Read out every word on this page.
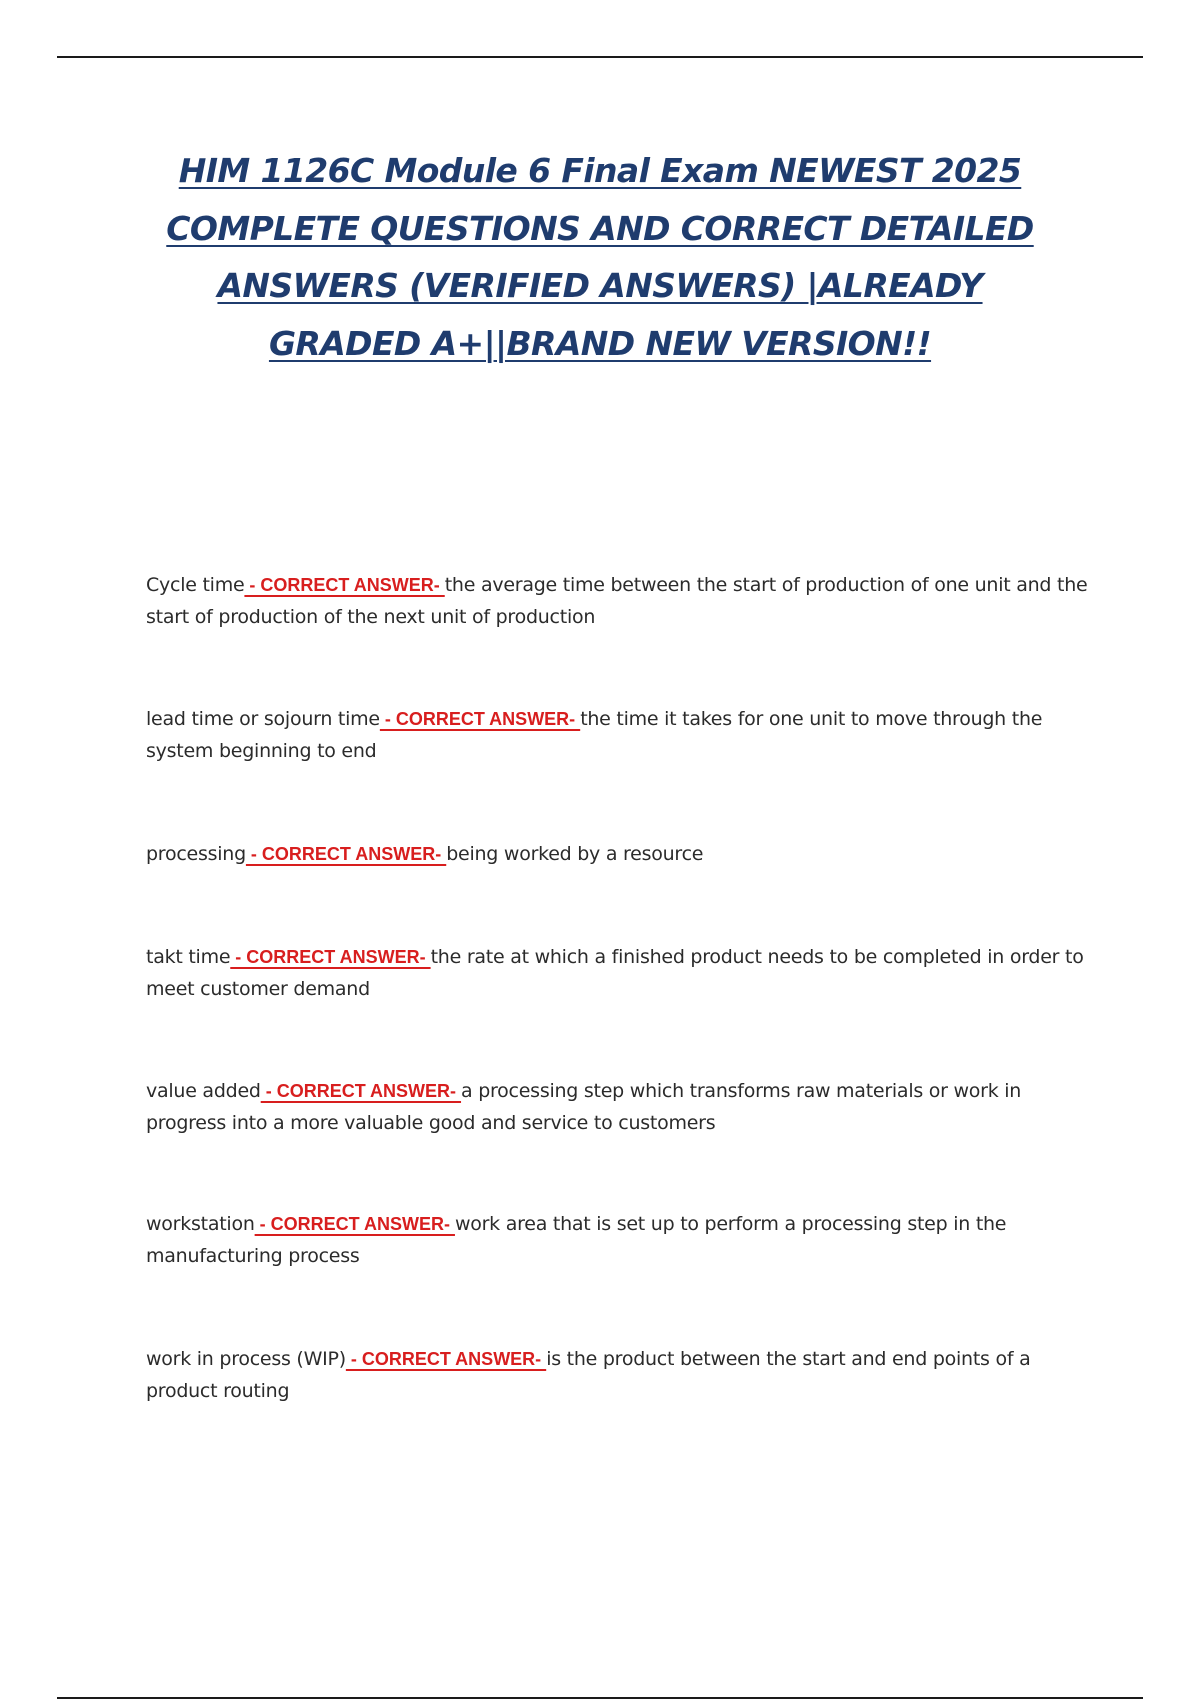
HIM 1126C Module 6 Final Exam NEWEST 2025 COMPLETE QUESTIONS AND CORRECT DETAILED ANSWERS (VERIFIED ANSWERS) |ALREADY GRADED A+||BRAND NEW VERSION!!

Cycle time - CORRECT ANSWER- the average time between the start of production of one unit and the start of production of the next unit of production

lead time or sojourn time - CORRECT ANSWER- the time it takes for one unit to move through the system beginning to end

processing - CORRECT ANSWER- being worked by a resource

takt time - CORRECT ANSWER- the rate at which a finished product needs to be completed in order to meet customer demand

value added - CORRECT ANSWER- a processing step which transforms raw materials or work in progress into a more valuable good and service to customers

workstation - CORRECT ANSWER- work area that is set up to perform a processing step in the manufacturing process

work in process (WIP) - CORRECT ANSWER- is the product between the start and end points of a product routing
